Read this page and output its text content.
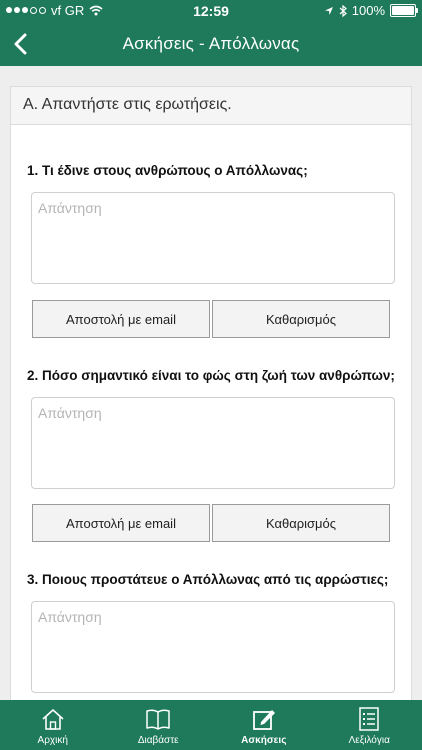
vf GR	12:59	100%
Ασκήσεις - Απόλλωνας
Α. Απαντήστε στις ερωτήσεις.
1. Τι έδινε στους ανθρώπους ο Απόλλωνας;
Απάντηση
Αποστολή με email	Καθαρισμός
2. Πόσο σημαντικό είναι το φώς στη ζωή των ανθρώπων;
Απάντηση
Αποστολή με email	Καθαρισμός
3. Ποιους προστάτευε ο Απόλλωνας από τις αρρώστιες;
Απάντηση
Αρχική	Διαβάστε	Ασκήσεις	Λεξιλόγια
